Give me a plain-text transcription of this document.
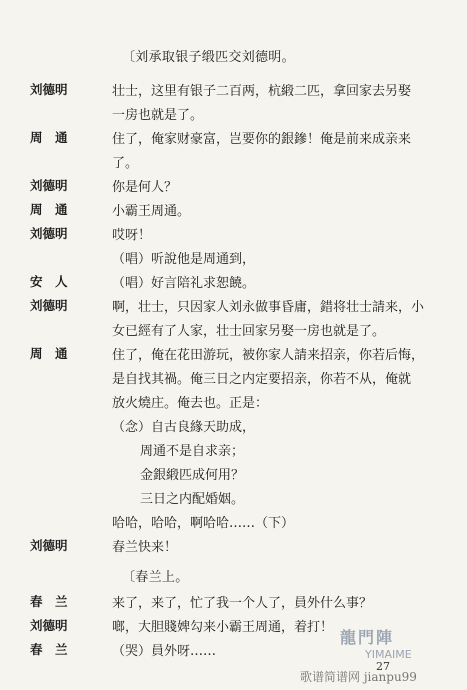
〔刘承取银子缎匹交刘德明。
刘德明	壮士，这里有银子二百两，杭緞二匹，拿回家去另娶
一房也就是了。
周　通	住了，俺家财豪富，岂要你的銀鏒！俺是前来成亲来
了。
刘德明	你是何人？
周　通	小霸王周通。
刘德明	哎呀！
（唱）听說他是周通到，
安　人	（唱）好言陪礼求恕饒。
刘德明	啊，壮士，只因家人刘永做事昏庸，錯将壮士請来，小
女已經有了人家，壮士回家另娶一房也就是了。
周　通	住了，俺在花田游玩，被你家人請来招亲，你若后悔，
是自找其禍。俺三日之内定要招亲，你若不从，俺就
放火燒庄。俺去也。正是：
（念）自古良緣天助成，
周通不是自求亲；
金銀緞匹成何用？
三日之内配婚姻。
哈哈，哈哈，啊哈哈……（下）
刘德明	春兰快来！
〔春兰上。
春　兰	来了，来了，忙了我一个人了，員外什么事？
刘德明	啷，大胆賤婢勾来小霸王周通，着打！
春　兰	（哭）員外呀……
龍門陣
YIMAIME
27
歌谱简谱网 jianpu99
